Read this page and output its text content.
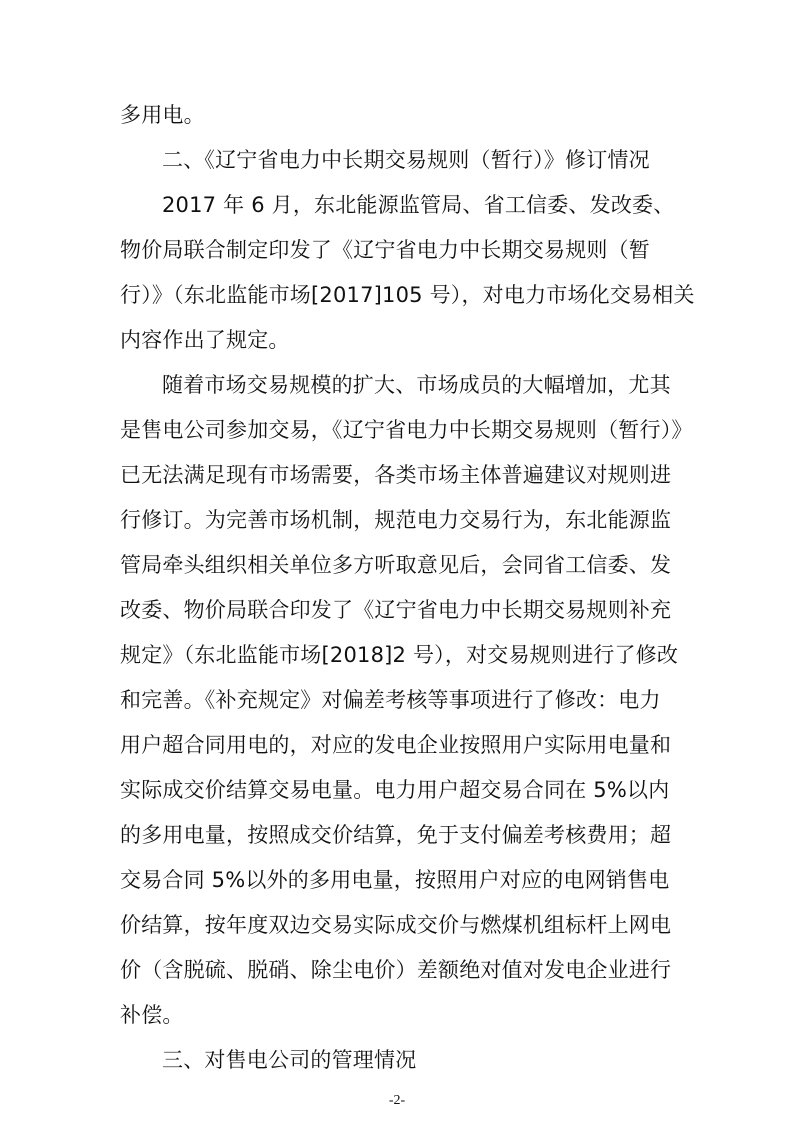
多用电。
二、《辽宁省电力中长期交易规则（暂行）》修订情况
2017 年 6 月，东北能源监管局、省工信委、发改委、
物价局联合制定印发了《辽宁省电力中长期交易规则（暂
行）》（东北监能市场[2017]105 号），对电力市场化交易相关
内容作出了规定。
随着市场交易规模的扩大、市场成员的大幅增加，尤其
是售电公司参加交易，《辽宁省电力中长期交易规则（暂行）》
已无法满足现有市场需要，各类市场主体普遍建议对规则进
行修订。为完善市场机制，规范电力交易行为，东北能源监
管局牵头组织相关单位多方听取意见后，会同省工信委、发
改委、物价局联合印发了《辽宁省电力中长期交易规则补充
规定》（东北监能市场[2018]2 号），对交易规则进行了修改
和完善。《补充规定》对偏差考核等事项进行了修改：电力
用户超合同用电的，对应的发电企业按照用户实际用电量和
实际成交价结算交易电量。电力用户超交易合同在 5%以内
的多用电量，按照成交价结算，免于支付偏差考核费用；超
交易合同 5%以外的多用电量，按照用户对应的电网销售电
价结算，按年度双边交易实际成交价与燃煤机组标杆上网电
价（含脱硫、脱硝、除尘电价）差额绝对值对发电企业进行
补偿。
三、对售电公司的管理情况
-2-
